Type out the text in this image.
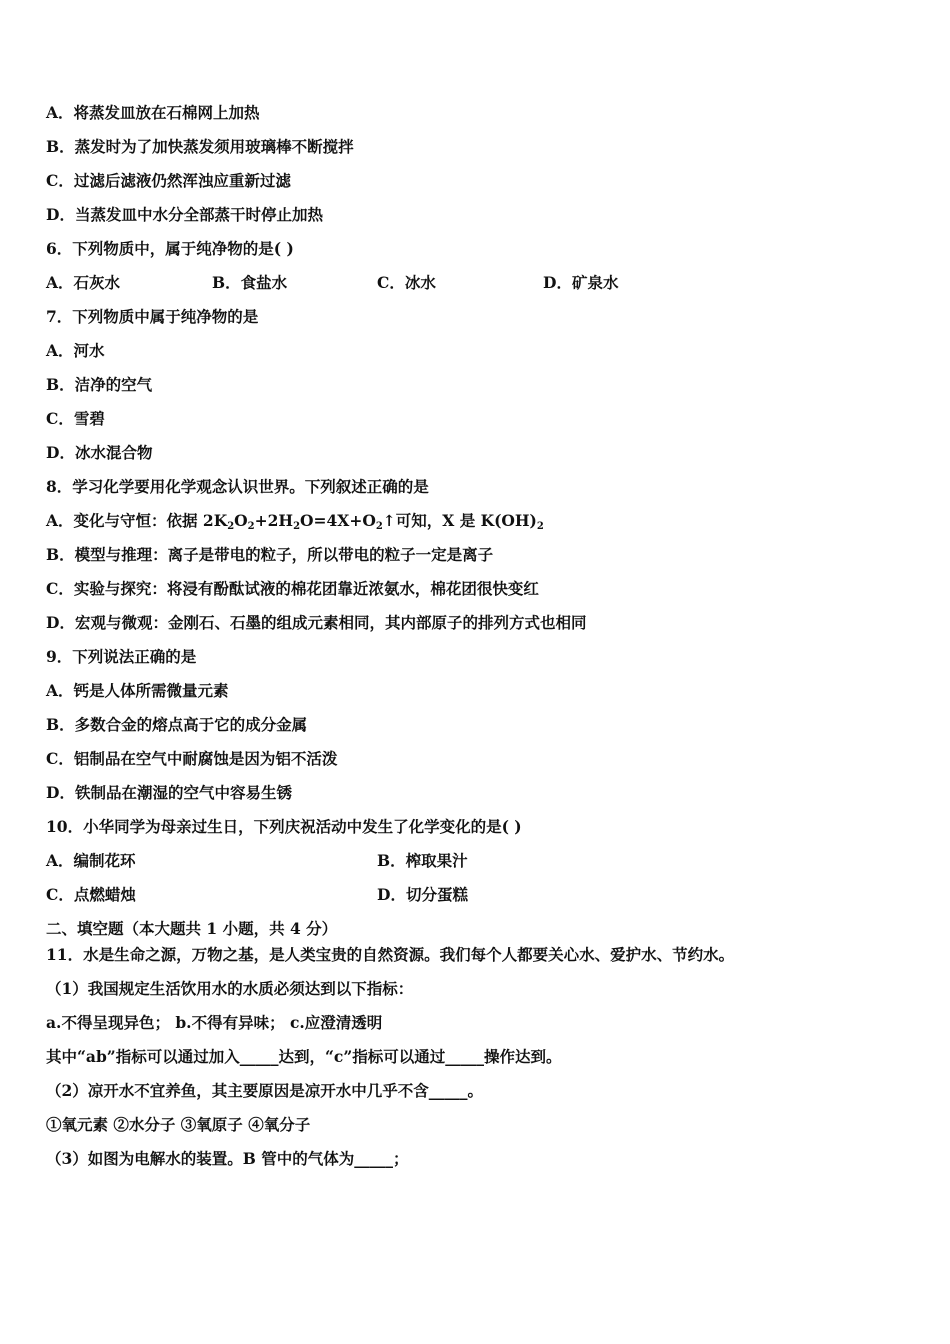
A．将蒸发皿放在石棉网上加热
B．蒸发时为了加快蒸发须用玻璃棒不断搅拌
C．过滤后滤液仍然浑浊应重新过滤
D．当蒸发皿中水分全部蒸干时停止加热
6．下列物质中，属于纯净物的是( )
A．石灰水	B．食盐水	C．冰水	D．矿泉水
7．下列物质中属于纯净物的是
A．河水
B．洁净的空气
C．雪碧
D．冰水混合物
8．学习化学要用化学观念认识世界。下列叙述正确的是
A．变化与守恒：依据 $2K_2O_2+2H_2O=4X+O_2↑$可知，X 是 $K(OH)_2$
B．模型与推理：离子是带电的粒子，所以带电的粒子一定是离子
C．实验与探究：将浸有酚酞试液的棉花团靠近浓氨水，棉花团很快变红
D．宏观与微观：金刚石、石墨的组成元素相同，其内部原子的排列方式也相同
9．下列说法正确的是
A．钙是人体所需微量元素
B．多数合金的熔点高于它的成分金属
C．铝制品在空气中耐腐蚀是因为铝不活泼
D．铁制品在潮湿的空气中容易生锈
10．小华同学为母亲过生日，下列庆祝活动中发生了化学变化的是( )
A．编制花环	B．榨取果汁
C．点燃蜡烛	D．切分蛋糕
二、填空题（本大题共 1 小题，共 4 分）
11．水是生命之源，万物之基，是人类宝贵的自然资源。我们每个人都要关心水、爱护水、节约水。
（1）我国规定生活饮用水的水质必须达到以下指标：
a.不得呈现异色； b.不得有异味； c.应澄清透明
其中“ab”指标可以通过加入_____达到，“c”指标可以通过_____操作达到。
（2）凉开水不宜养鱼，其主要原因是凉开水中几乎不含_____。
①氧元素 ②水分子 ③氧原子 ④氧分子
（3）如图为电解水的装置。B 管中的气体为_____；
